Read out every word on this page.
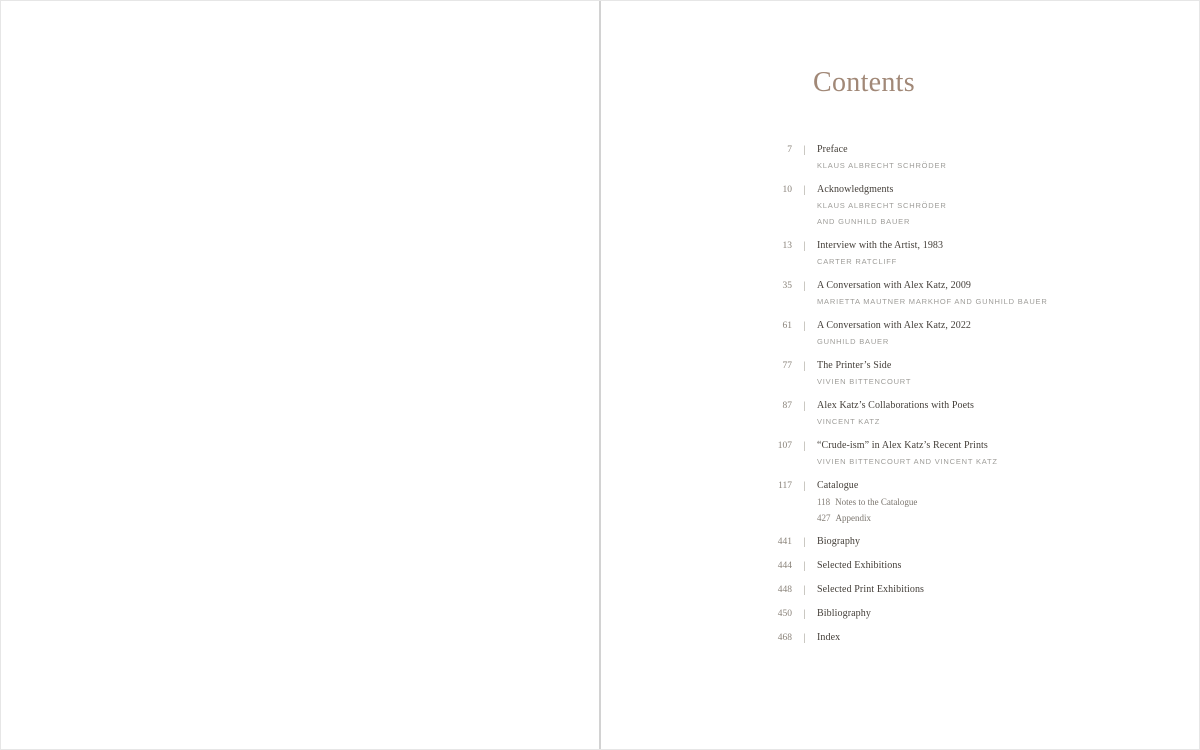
Contents
7	|	Preface
KLAUS ALBRECHT SCHRÖDER
10	|	Acknowledgments
KLAUS ALBRECHT SCHRÖDER
AND GUNHILD BAUER
13	|	Interview with the Artist, 1983
CARTER RATCLIFF
35	|	A Conversation with Alex Katz, 2009
MARIETTA MAUTNER MARKHOF AND GUNHILD BAUER
61	|	A Conversation with Alex Katz, 2022
GUNHILD BAUER
77	|	The Printer’s Side
VIVIEN BITTENCOURT
87	|	Alex Katz’s Collaborations with Poets
VINCENT KATZ
107	|	“Crude-ism” in Alex Katz’s Recent Prints
VIVIEN BITTENCOURT AND VINCENT KATZ
117	|	Catalogue
118 Notes to the Catalogue
427 Appendix
441	|	Biography
444	|	Selected Exhibitions
448	|	Selected Print Exhibitions
450	|	Bibliography
468	|	Index
